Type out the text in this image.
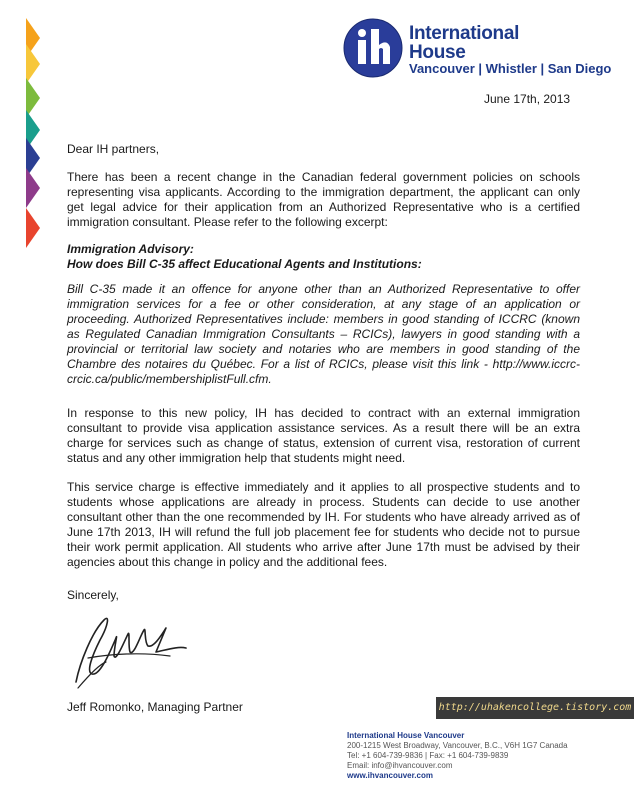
International
House
Vancouver | Whistler | San Diego
June 17th, 2013
Dear IH partners,
There has been a recent change in the Canadian federal government policies on schools representing visa applicants. According to the immigration department, the applicant can only get legal advice for their application from an Authorized Representative who is a certified immigration consultant. Please refer to the following excerpt:
Immigration Advisory:
How does Bill C-35 affect Educational Agents and Institutions:
Bill C-35 made it an offence for anyone other than an Authorized Representative to offer immigration services for a fee or other consideration, at any stage of an application or proceeding. Authorized Representatives include: members in good standing of ICCRC (known as Regulated Canadian Immigration Consultants – RCICs), lawyers in good standing with a provincial or territorial law society and notaries who are members in good standing of the Chambre des notaires du Québec. For a list of RCICs, please visit this link - http://www.iccrc-crcic.ca/public/membershiplistFull.cfm.
In response to this new policy, IH has decided to contract with an external immigration consultant to provide visa application assistance services. As a result there will be an extra charge for services such as change of status, extension of current visa, restoration of current status and any other immigration help that students might need.
This service charge is effective immediately and it applies to all prospective students and to students whose applications are already in process. Students can decide to use another consultant other than the one recommended by IH. For students who have already arrived as of June 17th 2013, IH will refund the full job placement fee for students who decide not to pursue their work permit application. All students who arrive after June 17th must be advised by their agencies about this change in policy and the additional fees.
Sincerely,
Jeff Romonko, Managing Partner	http://uhakencollege.tistory.com
International House Vancouver
200-1215 West Broadway, Vancouver, B.C., V6H 1G7 Canada
Tel: +1 604-739-9836 | Fax: +1 604-739-9839
Email: info@ihvancouver.com
www.ihvancouver.com
